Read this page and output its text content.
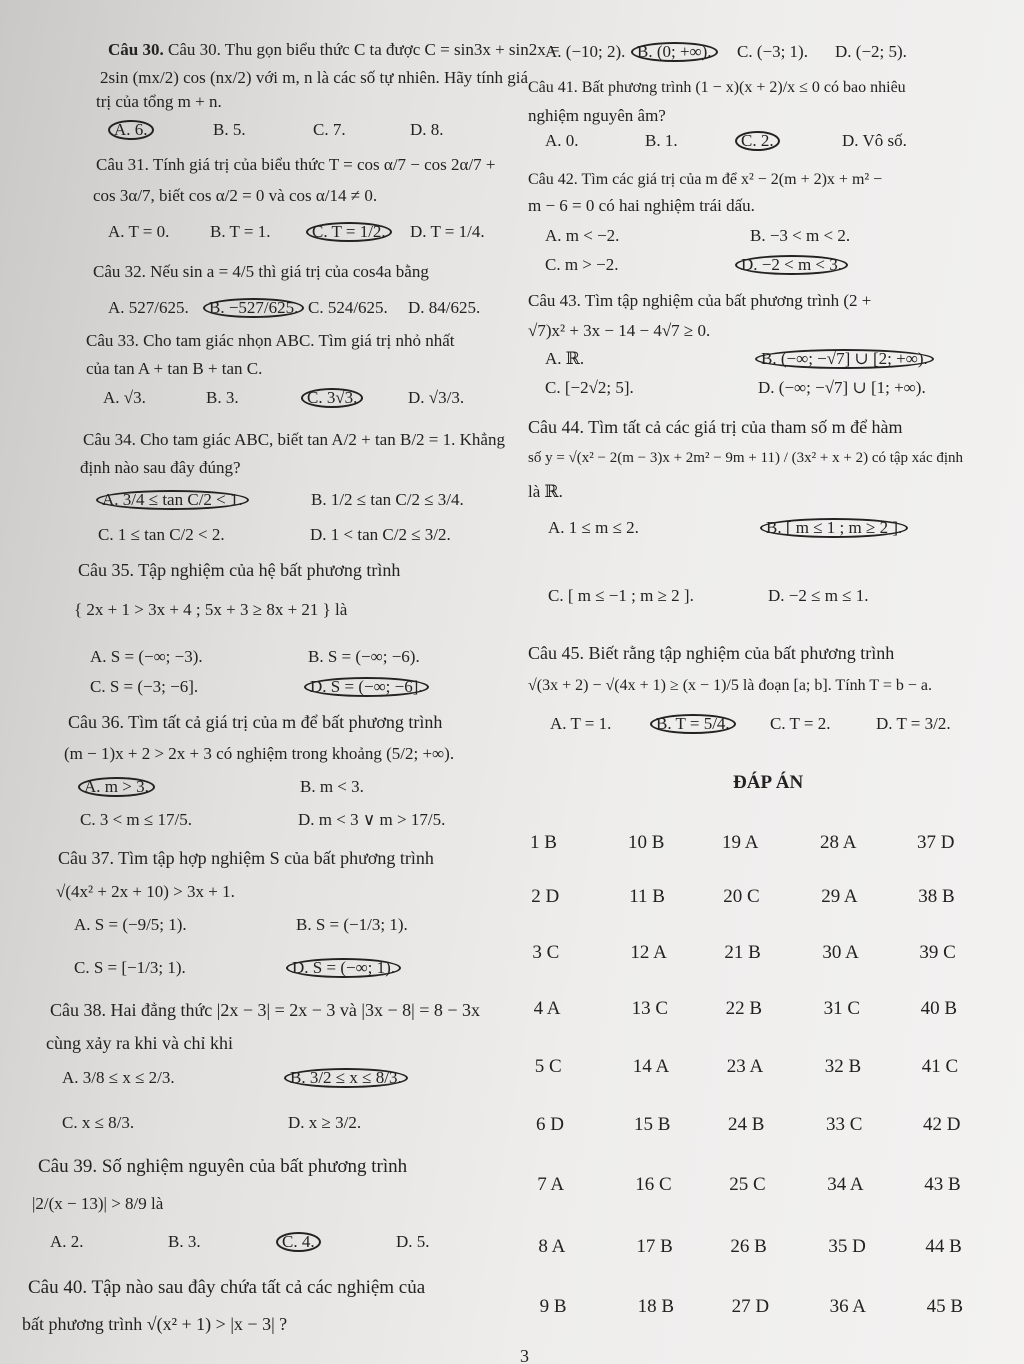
Câu 30. Câu 30. Thu gọn biểu thức C ta được C = sin3x + sin2x =
2sin (mx/2) cos (nx/2) với m, n là các số tự nhiên. Hãy tính giá
trị của tổng m + n.
A. 6.	B. 5.	C. 7.	D. 8.
Câu 31. Tính giá trị của biểu thức T = cos α/7 − cos 2α/7 +
cos 3α/7, biết cos α/2 = 0 và cos α/14 ≠ 0.
A. T = 0. B. T = 1.	C. T = 1/2.	D. T = 1/4.
Câu 32. Nếu sin a = 4/5 thì giá trị của cos4a bằng
A. 527/625.	B. −527/625. C. 524/625. D. 84/625.
Câu 33. Cho tam giác nhọn ABC. Tìm giá trị nhỏ nhất
của tan A + tan B + tan C.
A. √3.	B. 3.	C. 3√3.	D. √3/3.
Câu 34. Cho tam giác ABC, biết tan A/2 + tan B/2 = 1. Khẳng
định nào sau đây đúng?
A. 3/4 ≤ tan C/2 < 1.	B. 1/2 ≤ tan C/2 ≤ 3/4.
C. 1 ≤ tan C/2 < 2.	D. 1 < tan C/2 ≤ 3/2.
Câu 35. Tập nghiệm của hệ bất phương trình
{ 2x + 1 > 3x + 4 ; 5x + 3 ≥ 8x + 21 } là
A. S = (−∞; −3).	B. S = (−∞; −6).
C. S = (−3; −6].	D. S = (−∞; −6].
Câu 36. Tìm tất cả giá trị của m để bất phương trình
(m − 1)x + 2 > 2x + 3 có nghiệm trong khoảng (5/2; +∞).
A. m > 3.	B. m < 3.
C. 3 < m ≤ 17/5.	D. m < 3 ∨ m > 17/5.
Câu 37. Tìm tập hợp nghiệm S của bất phương trình
√(4x² + 2x + 10) > 3x + 1.
A. S = (−9/5; 1).	B. S = (−1/3; 1).
C. S = [−1/3; 1).	D. S = (−∞; 1).
Câu 38. Hai đẳng thức |2x − 3| = 2x − 3 và |3x − 8| = 8 − 3x
cùng xảy ra khi và chỉ khi
A. 3/8 ≤ x ≤ 2/3.	B. 3/2 ≤ x ≤ 8/3.
C. x ≤ 8/3.	D. x ≥ 3/2.
Câu 39. Số nghiệm nguyên của bất phương trình
|2/(x − 13)| > 8/9 là
A. 2.	B. 3.	C. 4.	D. 5.
Câu 40. Tập nào sau đây chứa tất cả các nghiệm của
bất phương trình √(x² + 1) > |x − 3| ?
A. (−10; 2). B. (0; +∞).	C. (−3; 1). D. (−2; 5).
Câu 41. Bất phương trình (1 − x)(x + 2)/x ≤ 0 có bao nhiêu
nghiệm nguyên âm?
A. 0.	B. 1.	C. 2.	D. Vô số.
Câu 42. Tìm các giá trị của m để x² − 2(m + 2)x + m² −
m − 6 = 0 có hai nghiệm trái dấu.
A. m < −2.	B. −3 < m < 2.
C. m > −2.	D. −2 < m < 3.
Câu 43. Tìm tập nghiệm của bất phương trình (2 +
√7)x² + 3x − 14 − 4√7 ≥ 0.
A. ℝ.	B. (−∞; −√7] ∪ [2; +∞).
C. [−2√2; 5].	D. (−∞; −√7] ∪ [1; +∞).
Câu 44. Tìm tất cả các giá trị của tham số m để hàm
số y = √(x² − 2(m − 3)x + 2m² − 9m + 11) / (3x² + x + 2) có tập xác định
là ℝ.
A. 1 ≤ m ≤ 2.	B. [ m ≤ 1 ; m ≥ 2 ].
C. [ m ≤ −1 ; m ≥ 2 ].	D. −2 ≤ m ≤ 1.
Câu 45. Biết rằng tập nghiệm của bất phương trình
√(3x + 2) − √(4x + 1) ≥ (x − 1)/5 là đoạn [a; b]. Tính T = b − a.
A. T = 1.	B. T = 5/4.	C. T = 2.	D. T = 3/2.
ĐÁP ÁN
1 B	10 B	19 A	28 A	37 D
2 D	11 B	20 C	29 A	38 B
3 C	12 A	21 B	30 A	39 C
4 A	13 C	22 B	31 C	40 B
5 C	14 A	23 A	32 B	41 C
6 D	15 B	24 B	33 C	42 D
7 A	16 C	25 C	34 A	43 B
8 A	17 B	26 B	35 D	44 B
9 B	18 B	27 D	36 A	45 B
3
